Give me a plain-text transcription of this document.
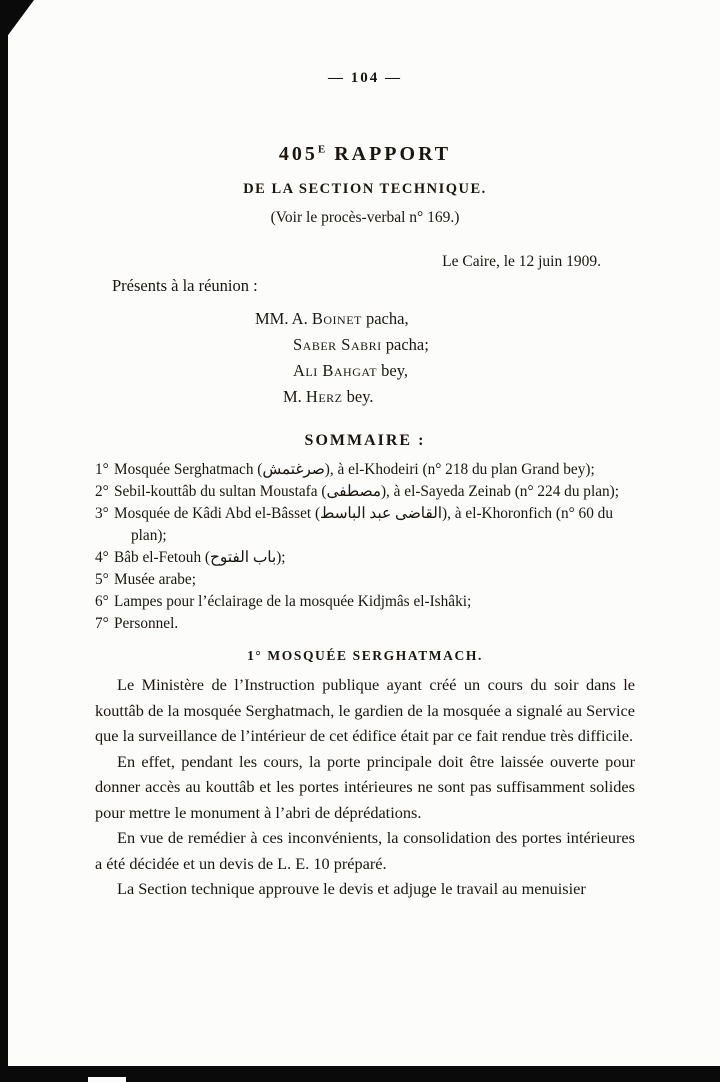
— 104 —
$405^E$ RAPPORT
DE LA SECTION TECHNIQUE.
(Voir le procès-verbal n° 169.)
Le Caire, le 12 juin 1909.
Présents à la réunion :
MM. A. Boinet pacha,
Saber Sabri pacha;
Ali Bahgat bey,
M. Herz bey.
SOMMAIRE :
1° Mosquée Serghatmach (صرغتمش), à el-Khodeiri (n° 218 du plan Grand bey);
2° Sebil-kouttâb du sultan Moustafa (مصطفى), à el-Sayeda Zeinab (n° 224 du plan);
3° Mosquée de Kâdi Abd el-Bâsset (القاضى عبد الباسط), à el-Khoronfich (n° 60 du plan);
4° Bâb el-Fetouh (باب الفتوح);
5° Musée arabe;
6° Lampes pour l’éclairage de la mosquée Kidjmâs el-Ishâki;
7° Personnel.
1° MOSQUÉE SERGHATMACH.

Le Ministère de l’Instruction publique ayant créé un cours du soir dans le kouttâb de la mosquée Serghatmach, le gardien de la mosquée a signalé au Service que la surveillance de l’intérieur de cet édifice était par ce fait rendue très difficile.

En effet, pendant les cours, la porte principale doit être laissée ouverte pour donner accès au kouttâb et les portes intérieures ne sont pas suffisamment solides pour mettre le monument à l’abri de déprédations.

En vue de remédier à ces inconvénients, la consolidation des portes intérieures a été décidée et un devis de L. E. 10 préparé.

La Section technique approuve le devis et adjuge le travail au menuisier
